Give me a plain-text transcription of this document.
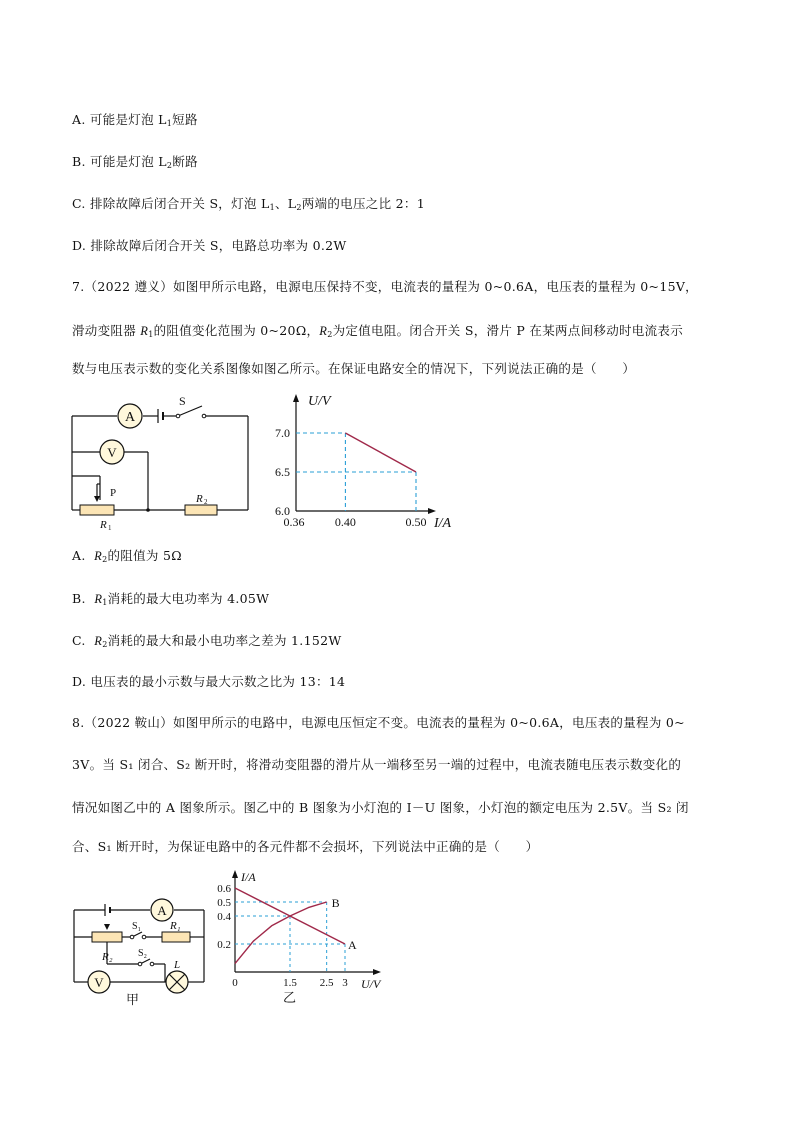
A. 可能是灯泡 $L_1$短路
B. 可能是灯泡 $L_2$断路
C. 排除故障后闭合开关 S，灯泡 $L_1$、$L_2$两端的电压之比 2：1
D. 排除故障后闭合开关 S，电路总功率为 0.2W
7.（2022 遵义）如图甲所示电路，电源电压保持不变，电流表的量程为 0~0.6A，电压表的量程为 0~15V，
滑动变阻器 $R_1$的阻值变化范围为 0~20Ω，$R_2$为定值电阻。闭合开关 S，滑片 P 在某两点间移动时电流表示
数与电压表示数的变化关系图像如图乙所示。在保证电路安全的情况下，下列说法正确的是（　　）
A
V
S
P
R 1
R 2
U/V
I/A
7.0
6.5
6.0
0.36	0.40	0.50
A.  $R_2$的阻值为 5Ω
B.  $R_1$消耗的最大电功率为 4.05W
C.  $R_2$消耗的最大和最小电功率之差为 1.152W
D. 电压表的最小示数与最大示数之比为 13：14
8.（2022 鞍山）如图甲所示的电路中，电源电压恒定不变。电流表的量程为 0~0.6A，电压表的量程为 0~
3V。当 S₁ 闭合、S₂ 断开时，将滑动变阻器的滑片从一端移至另一端的过程中，电流表随电压表示数变化的
情况如图乙中的 A 图象所示。图乙中的 B 图象为小灯泡的 I－U 图象，小灯泡的额定电压为 2.5V。当 S₂ 闭
合、S₁ 断开时，为保证电路中的各元件都不会损坏，下列说法中正确的是（　　）
A
R₂
S₁	R₁
S₂
V
L
甲
I/A
U/V
0.6
0.5
0.4
0.2
0	1.5 2.5 3
A
B
乙
